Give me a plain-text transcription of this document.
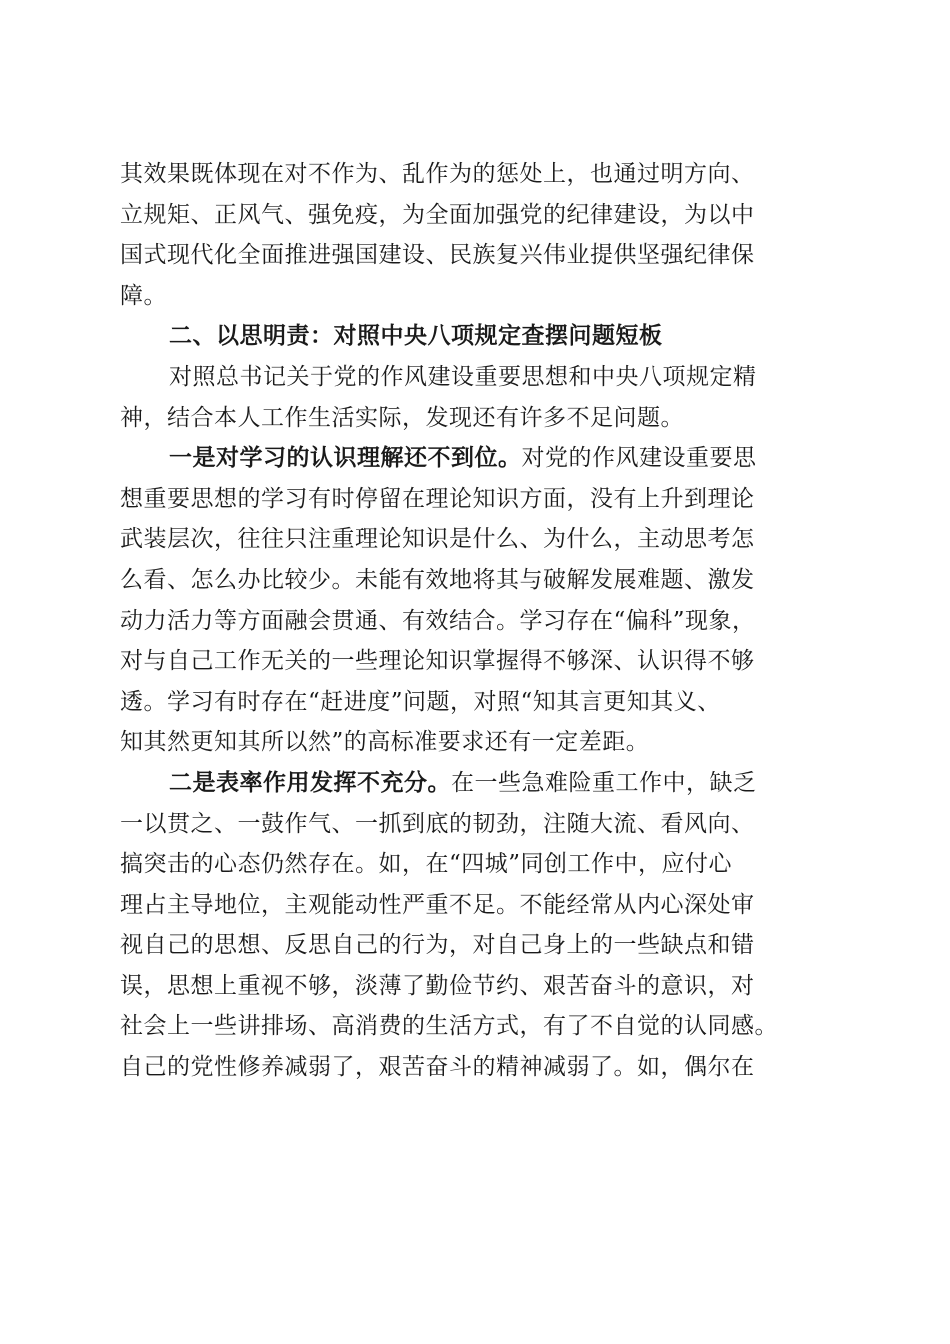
其效果既体现在对不作为、乱作为的惩处上，也通过明方向、
立规矩、正风气、强免疫，为全面加强党的纪律建设，为以中
国式现代化全面推进强国建设、民族复兴伟业提供坚强纪律保
障。
二、以思明责：对照中央八项规定查摆问题短板
对照总书记关于党的作风建设重要思想和中央八项规定精
神，结合本人工作生活实际，发现还有许多不足问题。
一是对学习的认识理解还不到位。对党的作风建设重要思
想重要思想的学习有时停留在理论知识方面，没有上升到理论
武装层次，往往只注重理论知识是什么、为什么，主动思考怎
么看、怎么办比较少。未能有效地将其与破解发展难题、激发
动力活力等方面融会贯通、有效结合。学习存在“偏科”现象，
对与自己工作无关的一些理论知识掌握得不够深、认识得不够
透。学习有时存在“赶进度”问题，对照“知其言更知其义、
知其然更知其所以然”的高标准要求还有一定差距。
二是表率作用发挥不充分。在一些急难险重工作中，缺乏
一以贯之、一鼓作气、一抓到底的韧劲，注随大流、看风向、
搞突击的心态仍然存在。如，在“四城”同创工作中，应付心
理占主导地位，主观能动性严重不足。不能经常从内心深处审
视自己的思想、反思自己的行为，对自己身上的一些缺点和错
误，思想上重视不够，淡薄了勤俭节约、艰苦奋斗的意识，对
社会上一些讲排场、高消费的生活方式，有了不自觉的认同感。
自己的党性修养减弱了，艰苦奋斗的精神减弱了。如，偶尔在
